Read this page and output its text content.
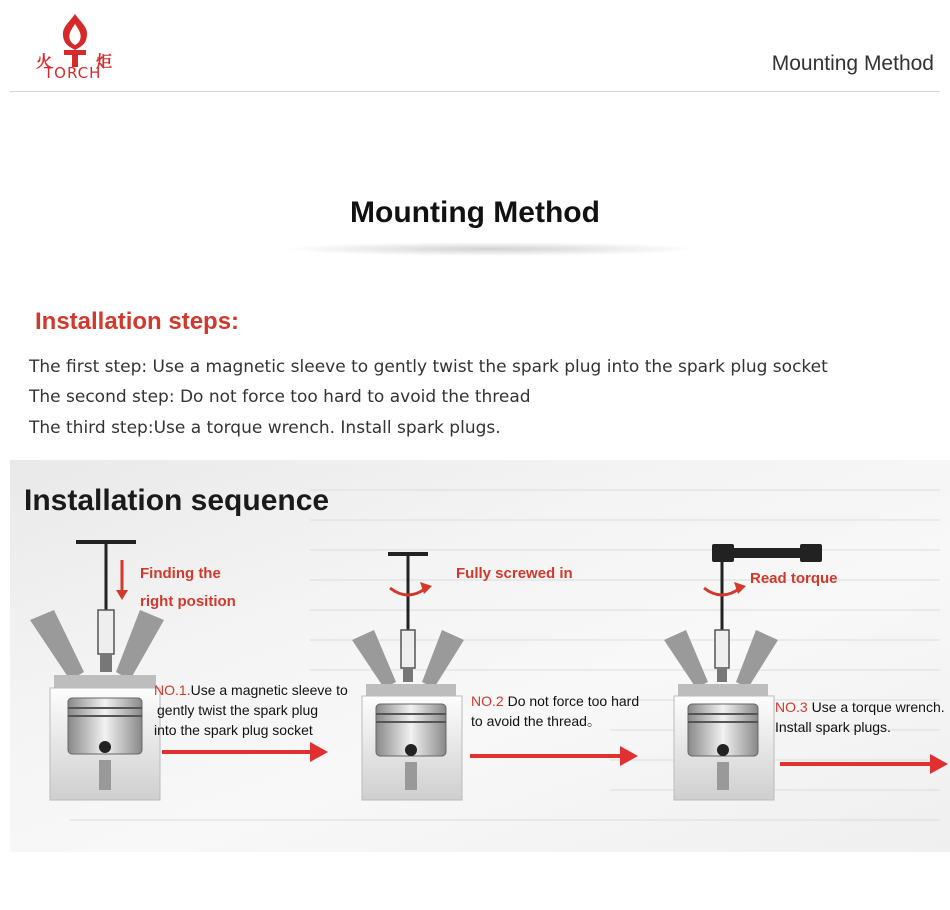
火	炬
TORCH	Mounting Method
Mounting Method
Installation steps:
The first step: Use a magnetic sleeve to gently twist the spark plug into the spark plug socket
The second step: Do not force too hard to avoid the thread
The third step:Use a torque wrench. Install spark plugs.
Installation sequence
Finding the
right position
NO.1.Use a magnetic sleeve to
gently twist the spark plug
into the spark plug socket
Fully screwed in
NO.2 Do not force too hard
to avoid the thread。
Read torque
NO.3 Use a torque wrench.
Install spark plugs.
